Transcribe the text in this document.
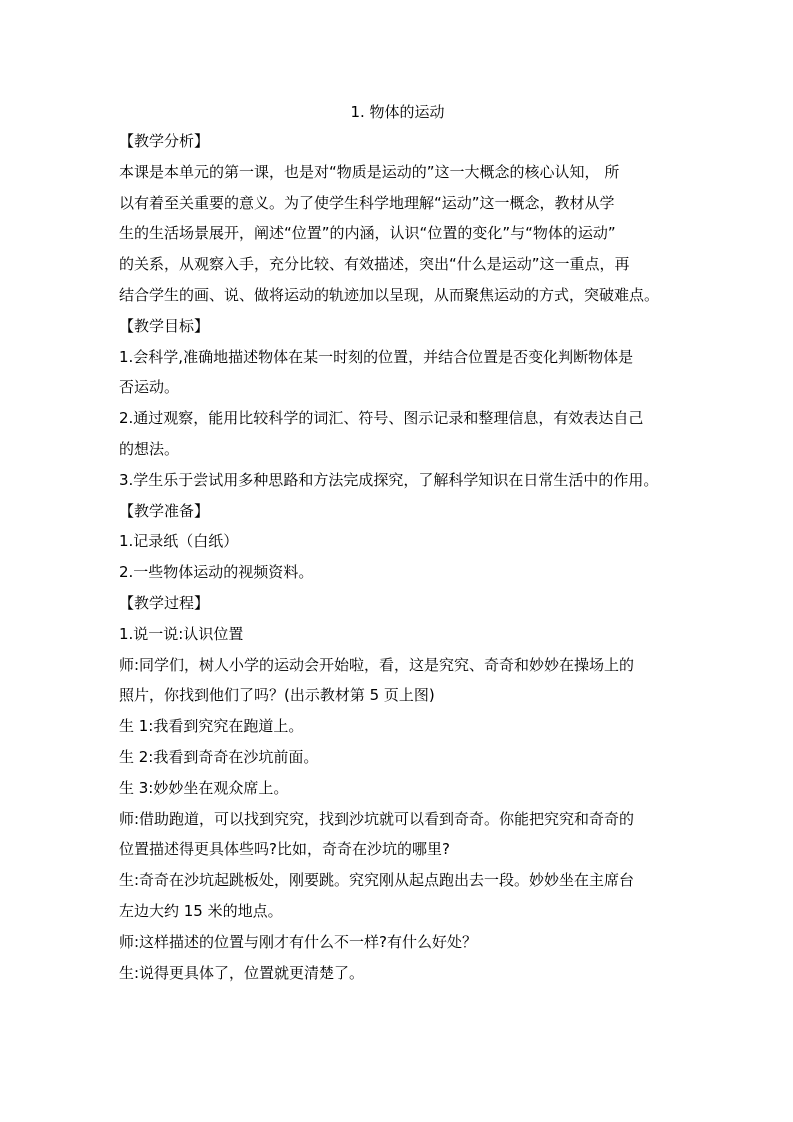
1. 物体的运动
【教学分析】
本课是本单元的第一课，也是对“物质是运动的”这一大概念的核心认知， 所
以有着至关重要的意义。为了使学生科学地理解“运动”这一概念，教材从学
生的生活场景展开，阐述“位置”的内涵，认识“位置的变化”与“物体的运动”
的关系，从观察入手，充分比较、有效描述，突出“什么是运动”这一重点，再
结合学生的画、说、做将运动的轨迹加以呈现，从而聚焦运动的方式，突破难点。
【教学目标】
1.会科学,准确地描述物体在某一时刻的位置，并结合位置是否变化判断物体是
否运动。
2.通过观察，能用比较科学的词汇、符号、图示记录和整理信息，有效表达自己
的想法。
3.学生乐于尝试用多种思路和方法完成探究，了解科学知识在日常生活中的作用。
【教学准备】
1.记录纸（白纸）
2.一些物体运动的视频资料。
【教学过程】
1.说一说:认识位置
师:同学们，树人小学的运动会开始啦，看，这是究究、奇奇和妙妙在操场上的
照片，你找到他们了吗？(出示教材第 5 页上图)
生 1:我看到究究在跑道上。
生 2:我看到奇奇在沙坑前面。
生 3:妙妙坐在观众席上。
师:借助跑道，可以找到究究，找到沙坑就可以看到奇奇。你能把究究和奇奇的
位置描述得更具体些吗?比如，奇奇在沙坑的哪里?
生:奇奇在沙坑起跳板处，刚要跳。究究刚从起点跑出去一段。妙妙坐在主席台
左边大约 15 米的地点。
师:这样描述的位置与刚才有什么不一样?有什么好处？
生:说得更具体了，位置就更清楚了。
